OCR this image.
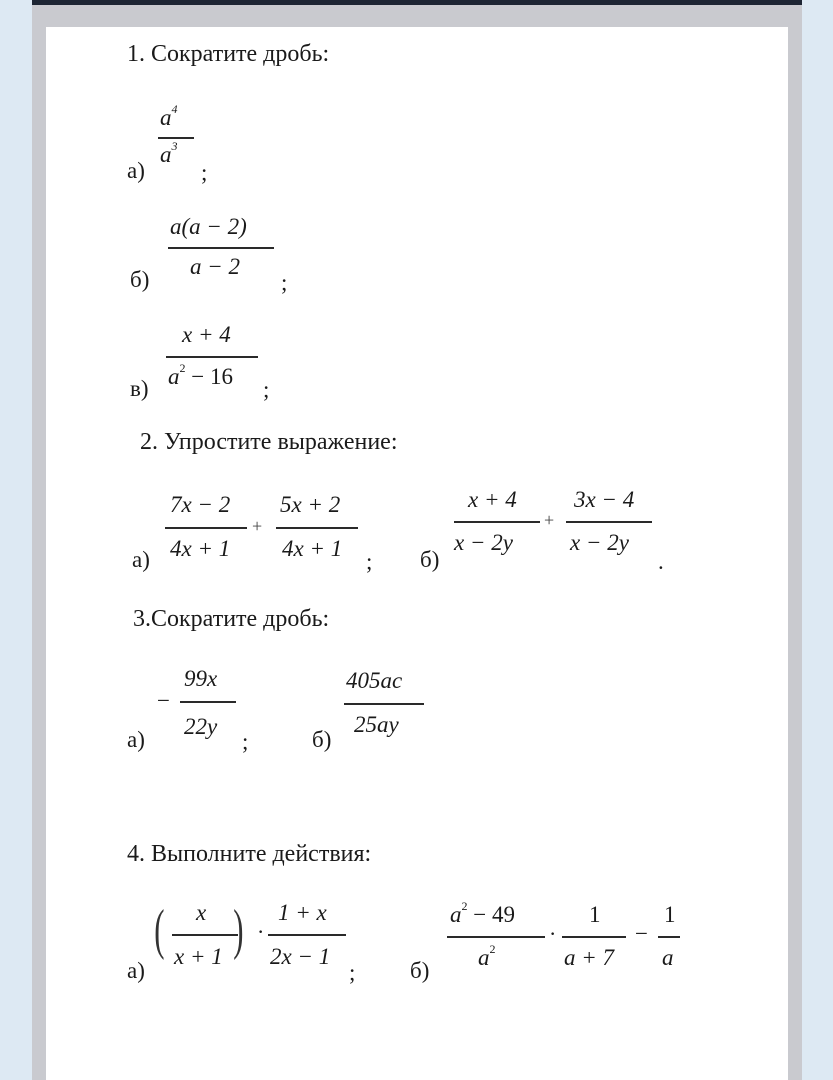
1. Сократите дробь:
а)
$a^4$
$a^3$
;
б)
a(a − 2)
a − 2
;
в)
x + 4
$a^2 - 16$
;
2. Упростите выражение:
а)
7x − 2
4x + 1
+
5x + 2
4x + 1
; б)
x + 4
x − 2y
+
3x − 4
x − 2y
.
3.Сократите дробь:
а)
−
99x
22y
;	б)
405ac
25ay
4. Выполните действия:
а)
( x
x + 1 ) ·
1 + x
2x − 1
; б)
$a^2 - 49$
$a^2$
·
1
a + 7
−
1
a
